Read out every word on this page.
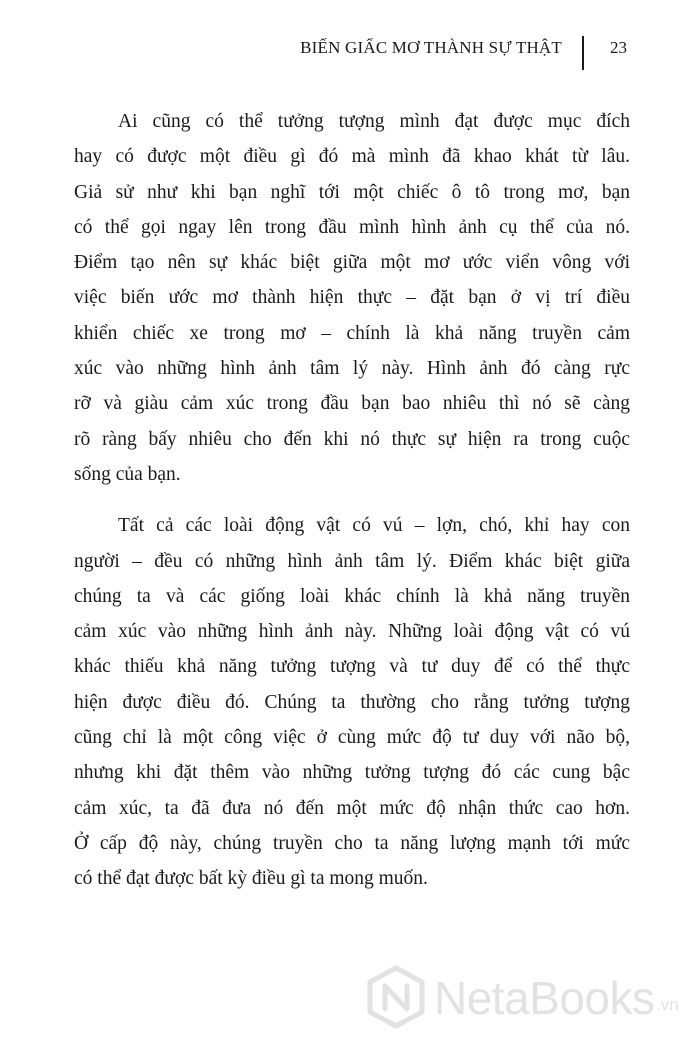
BIẾN GIẤC MƠ THÀNH SỰ THẬT	23

Ai cũng có thể tưởng tượng mình đạt được mục đích
hay có được một điều gì đó mà mình đã khao khát từ lâu.
Giả sử như khi bạn nghĩ tới một chiếc ô tô trong mơ, bạn
có thể gọi ngay lên trong đầu mình hình ảnh cụ thể của nó.
Điểm tạo nên sự khác biệt giữa một mơ ước viển vông với
việc biến ước mơ thành hiện thực – đặt bạn ở vị trí điều
khiển chiếc xe trong mơ – chính là khả năng truyền cảm
xúc vào những hình ảnh tâm lý này. Hình ảnh đó càng rực
rỡ và giàu cảm xúc trong đầu bạn bao nhiêu thì nó sẽ càng
rõ ràng bấy nhiêu cho đến khi nó thực sự hiện ra trong cuộc
sống của bạn.

Tất cả các loài động vật có vú – lợn, chó, khỉ hay con
người – đều có những hình ảnh tâm lý. Điểm khác biệt giữa
chúng ta và các giống loài khác chính là khả năng truyền
cảm xúc vào những hình ảnh này. Những loài động vật có vú
khác thiếu khả năng tưởng tượng và tư duy để có thể thực
hiện được điều đó. Chúng ta thường cho rằng tưởng tượng
cũng chỉ là một công việc ở cùng mức độ tư duy với não bộ,
nhưng khi đặt thêm vào những tưởng tượng đó các cung bậc
cảm xúc, ta đã đưa nó đến một mức độ nhận thức cao hơn.
Ở cấp độ này, chúng truyền cho ta năng lượng mạnh tới mức
có thể đạt được bất kỳ điều gì ta mong muốn.

NetaBooks .vn
